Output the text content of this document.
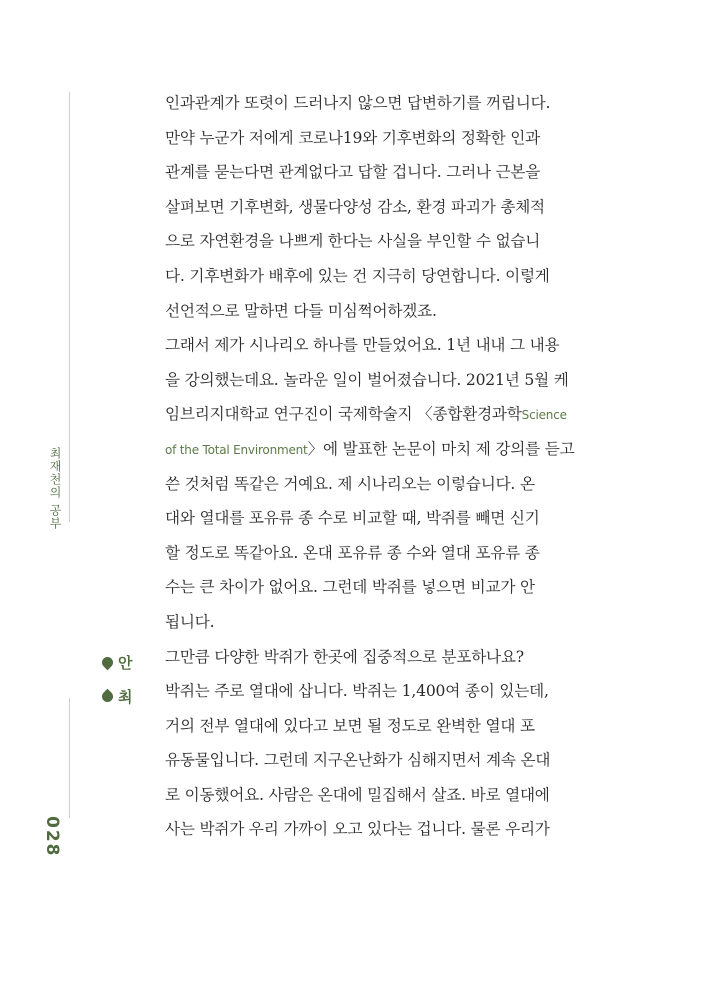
최재천의 공부
028
안
최
인과관계가 또렷이 드러나지 않으면 답변하기를 꺼립니다.
만약 누군가 저에게 코로나19와 기후변화의 정확한 인과
관계를 묻는다면 관계없다고 답할 겁니다. 그러나 근본을
살펴보면 기후변화, 생물다양성 감소, 환경 파괴가 총체적
으로 자연환경을 나쁘게 한다는 사실을 부인할 수 없습니
다. 기후변화가 배후에 있는 건 지극히 당연합니다. 이렇게
선언적으로 말하면 다들 미심쩍어하겠죠.
그래서 제가 시나리오 하나를 만들었어요. 1년 내내 그 내용
을 강의했는데요. 놀라운 일이 벌어졌습니다. 2021년 5월 케
임브리지대학교 연구진이 국제학술지 〈종합환경과학Science
of the Total Environment〉에 발표한 논문이 마치 제 강의를 듣고
쓴 것처럼 똑같은 거예요. 제 시나리오는 이렇습니다. 온
대와 열대를 포유류 종 수로 비교할 때, 박쥐를 빼면 신기
할 정도로 똑같아요. 온대 포유류 종 수와 열대 포유류 종
수는 큰 차이가 없어요. 그런데 박쥐를 넣으면 비교가 안
됩니다.
그만큼 다양한 박쥐가 한곳에 집중적으로 분포하나요?
박쥐는 주로 열대에 삽니다. 박쥐는 1,400여 종이 있는데,
거의 전부 열대에 있다고 보면 될 정도로 완벽한 열대 포
유동물입니다. 그런데 지구온난화가 심해지면서 계속 온대
로 이동했어요. 사람은 온대에 밀집해서 살죠. 바로 열대에
사는 박쥐가 우리 가까이 오고 있다는 겁니다. 물론 우리가
